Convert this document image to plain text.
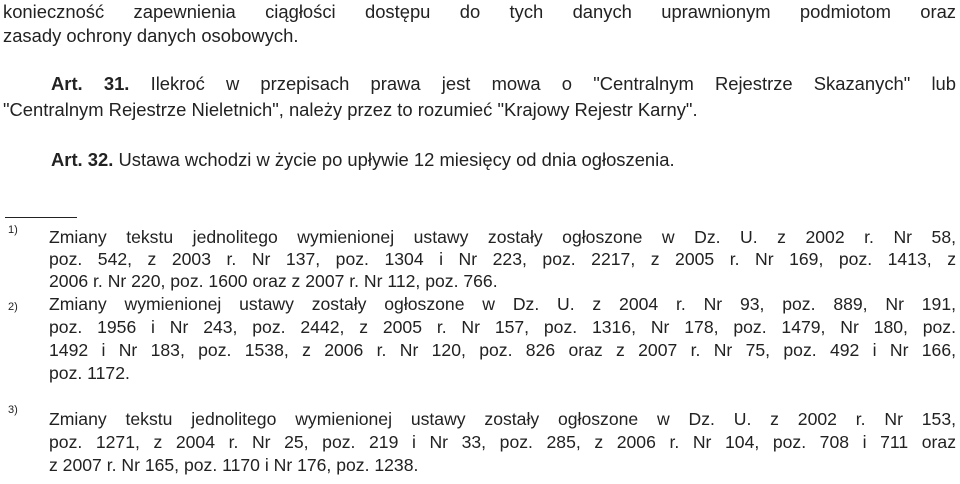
konieczność zapewnienia ciągłości dostępu do tych danych uprawnionym podmiotom oraz
zasady ochrony danych osobowych.
Art. 31. Ilekroć w przepisach prawa jest mowa o "Centralnym Rejestrze Skazanych" lub
"Centralnym Rejestrze Nieletnich", należy przez to rozumieć "Krajowy Rejestr Karny".
Art. 32. Ustawa wchodzi w życie po upływie 12 miesięcy od dnia ogłoszenia.
1) Zmiany tekstu jednolitego wymienionej ustawy zostały ogłoszone w Dz. U. z 2002 r. Nr 58,
poz. 542, z 2003 r. Nr 137, poz. 1304 i Nr 223, poz. 2217, z 2005 r. Nr 169, poz. 1413, z
2006 r. Nr 220, poz. 1600 oraz z 2007 r. Nr 112, poz. 766.
2) Zmiany wymienionej ustawy zostały ogłoszone w Dz. U. z 2004 r. Nr 93, poz. 889, Nr 191,
poz. 1956 i Nr 243, poz. 2442, z 2005 r. Nr 157, poz. 1316, Nr 178, poz. 1479, Nr 180, poz.
1492 i Nr 183, poz. 1538, z 2006 r. Nr 120, poz. 826 oraz z 2007 r. Nr 75, poz. 492 i Nr 166,
poz. 1172.
3) Zmiany tekstu jednolitego wymienionej ustawy zostały ogłoszone w Dz. U. z 2002 r. Nr 153,
poz. 1271, z 2004 r. Nr 25, poz. 219 i Nr 33, poz. 285, z 2006 r. Nr 104, poz. 708 i 711 oraz
z 2007 r. Nr 165, poz. 1170 i Nr 176, poz. 1238.
